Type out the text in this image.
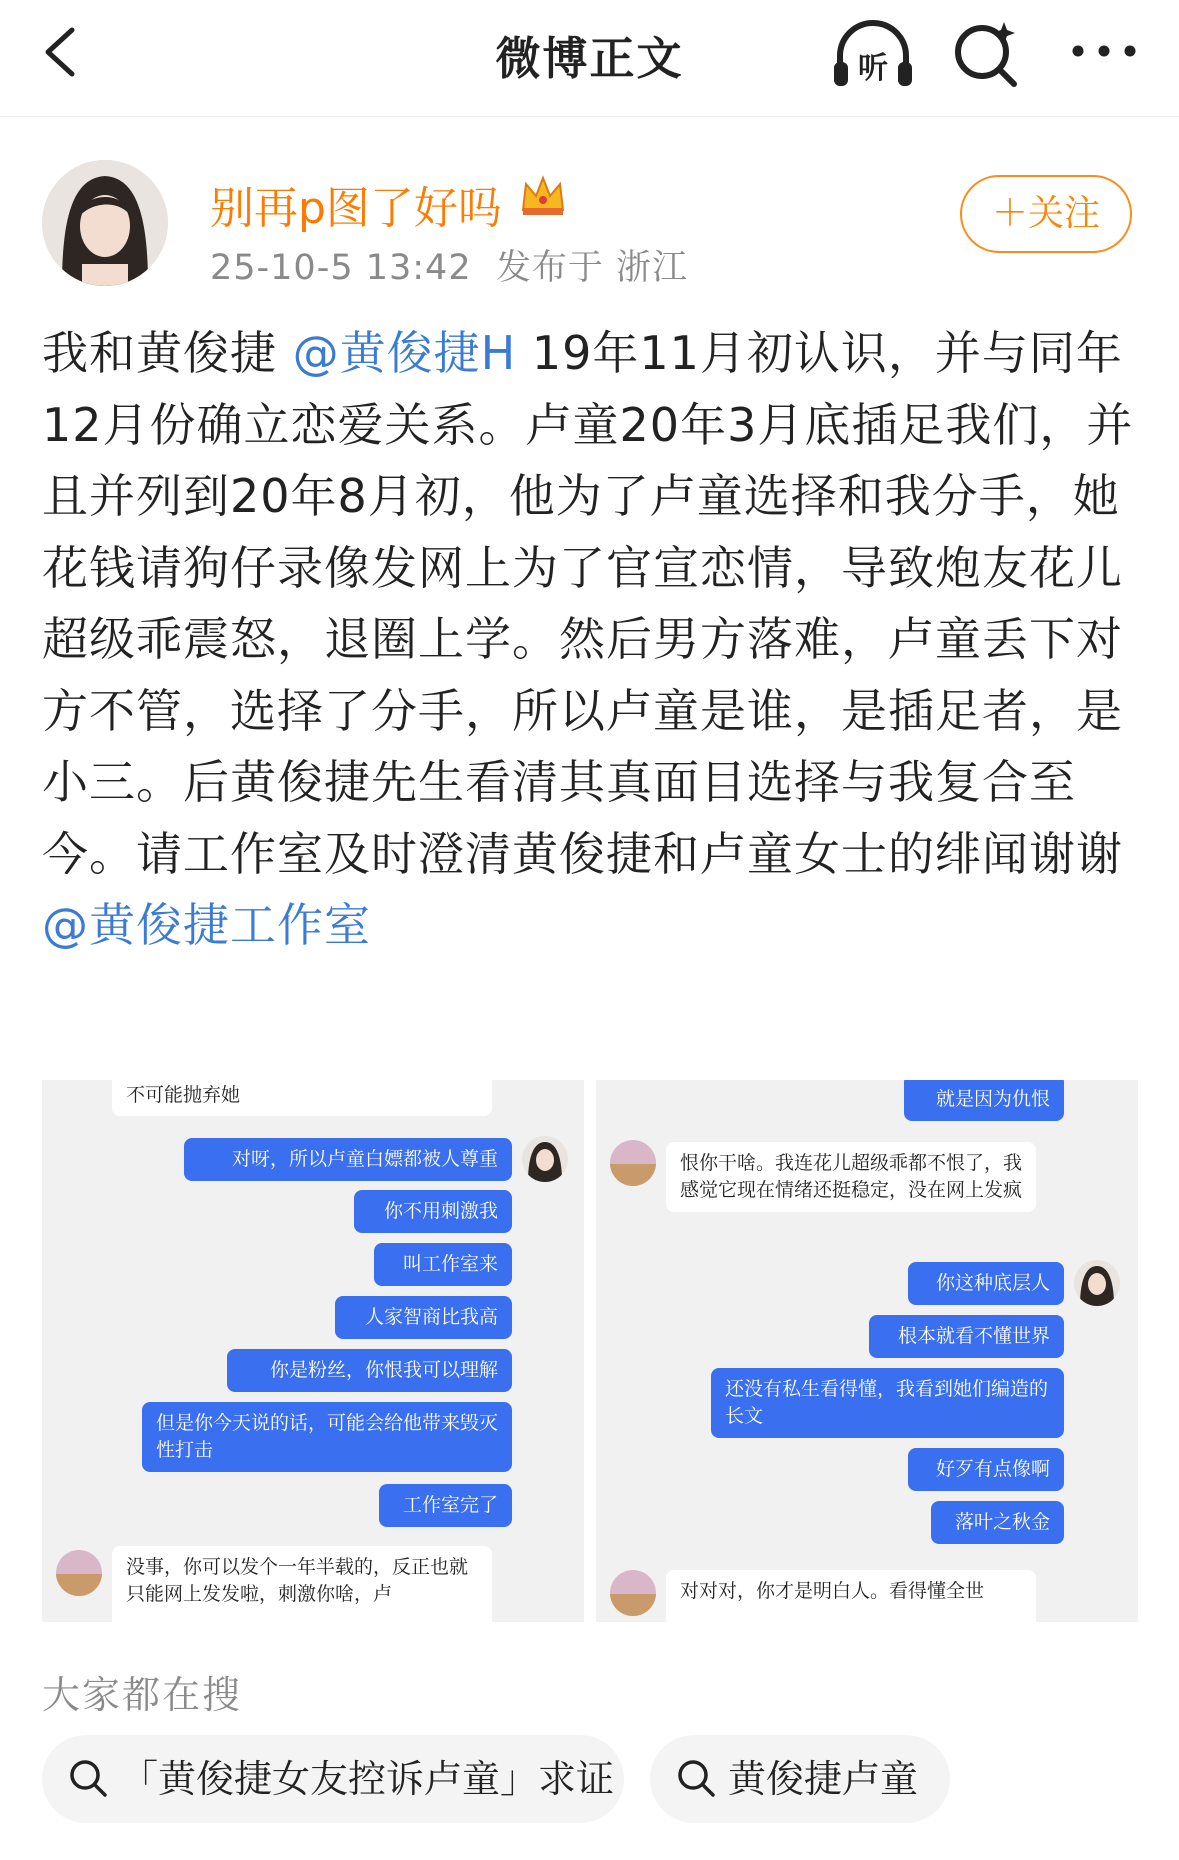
微博正文	听
别再p图了好吗
25-10-5 13:42 发布于 浙江
＋关注
我和黄俊捷 @黄俊捷H 19年11月初认识，并与同年12月份确立恋爱关系。卢童20年3月底插足我们，并且并列到20年8月初，他为了卢童选择和我分手，她花钱请狗仔录像发网上为了官宣恋情，导致炮友花儿超级乖震怒，退圈上学。然后男方落难，卢童丢下对方不管，选择了分手，所以卢童是谁，是插足者，是小三。后黄俊捷先生看清其真面目选择与我复合至今。请工作室及时澄清黄俊捷和卢童女士的绯闻谢谢 @黄俊捷工作室
不可能抛弃她
对呀，所以卢童白嫖都被人尊重
你不用刺激我
叫工作室来
人家智商比我高
你是粉丝，你恨我可以理解
但是你今天说的话，可能会给他带来毁灭性打击
工作室完了
没事，你可以发个一年半载的，反正也就只能网上发发啦，刺激你啥，卢
就是因为仇恨
恨你干啥。我连花儿超级乖都不恨了，我感觉它现在情绪还挺稳定，没在网上发疯
你这种底层人
根本就看不懂世界
还没有私生看得懂，我看到她们编造的长文
好歹有点像啊
落叶之秋金
对对对，你才是明白人。看得懂全世
大家都在搜
「黄俊捷女友控诉卢童」求证	黄俊捷卢童
